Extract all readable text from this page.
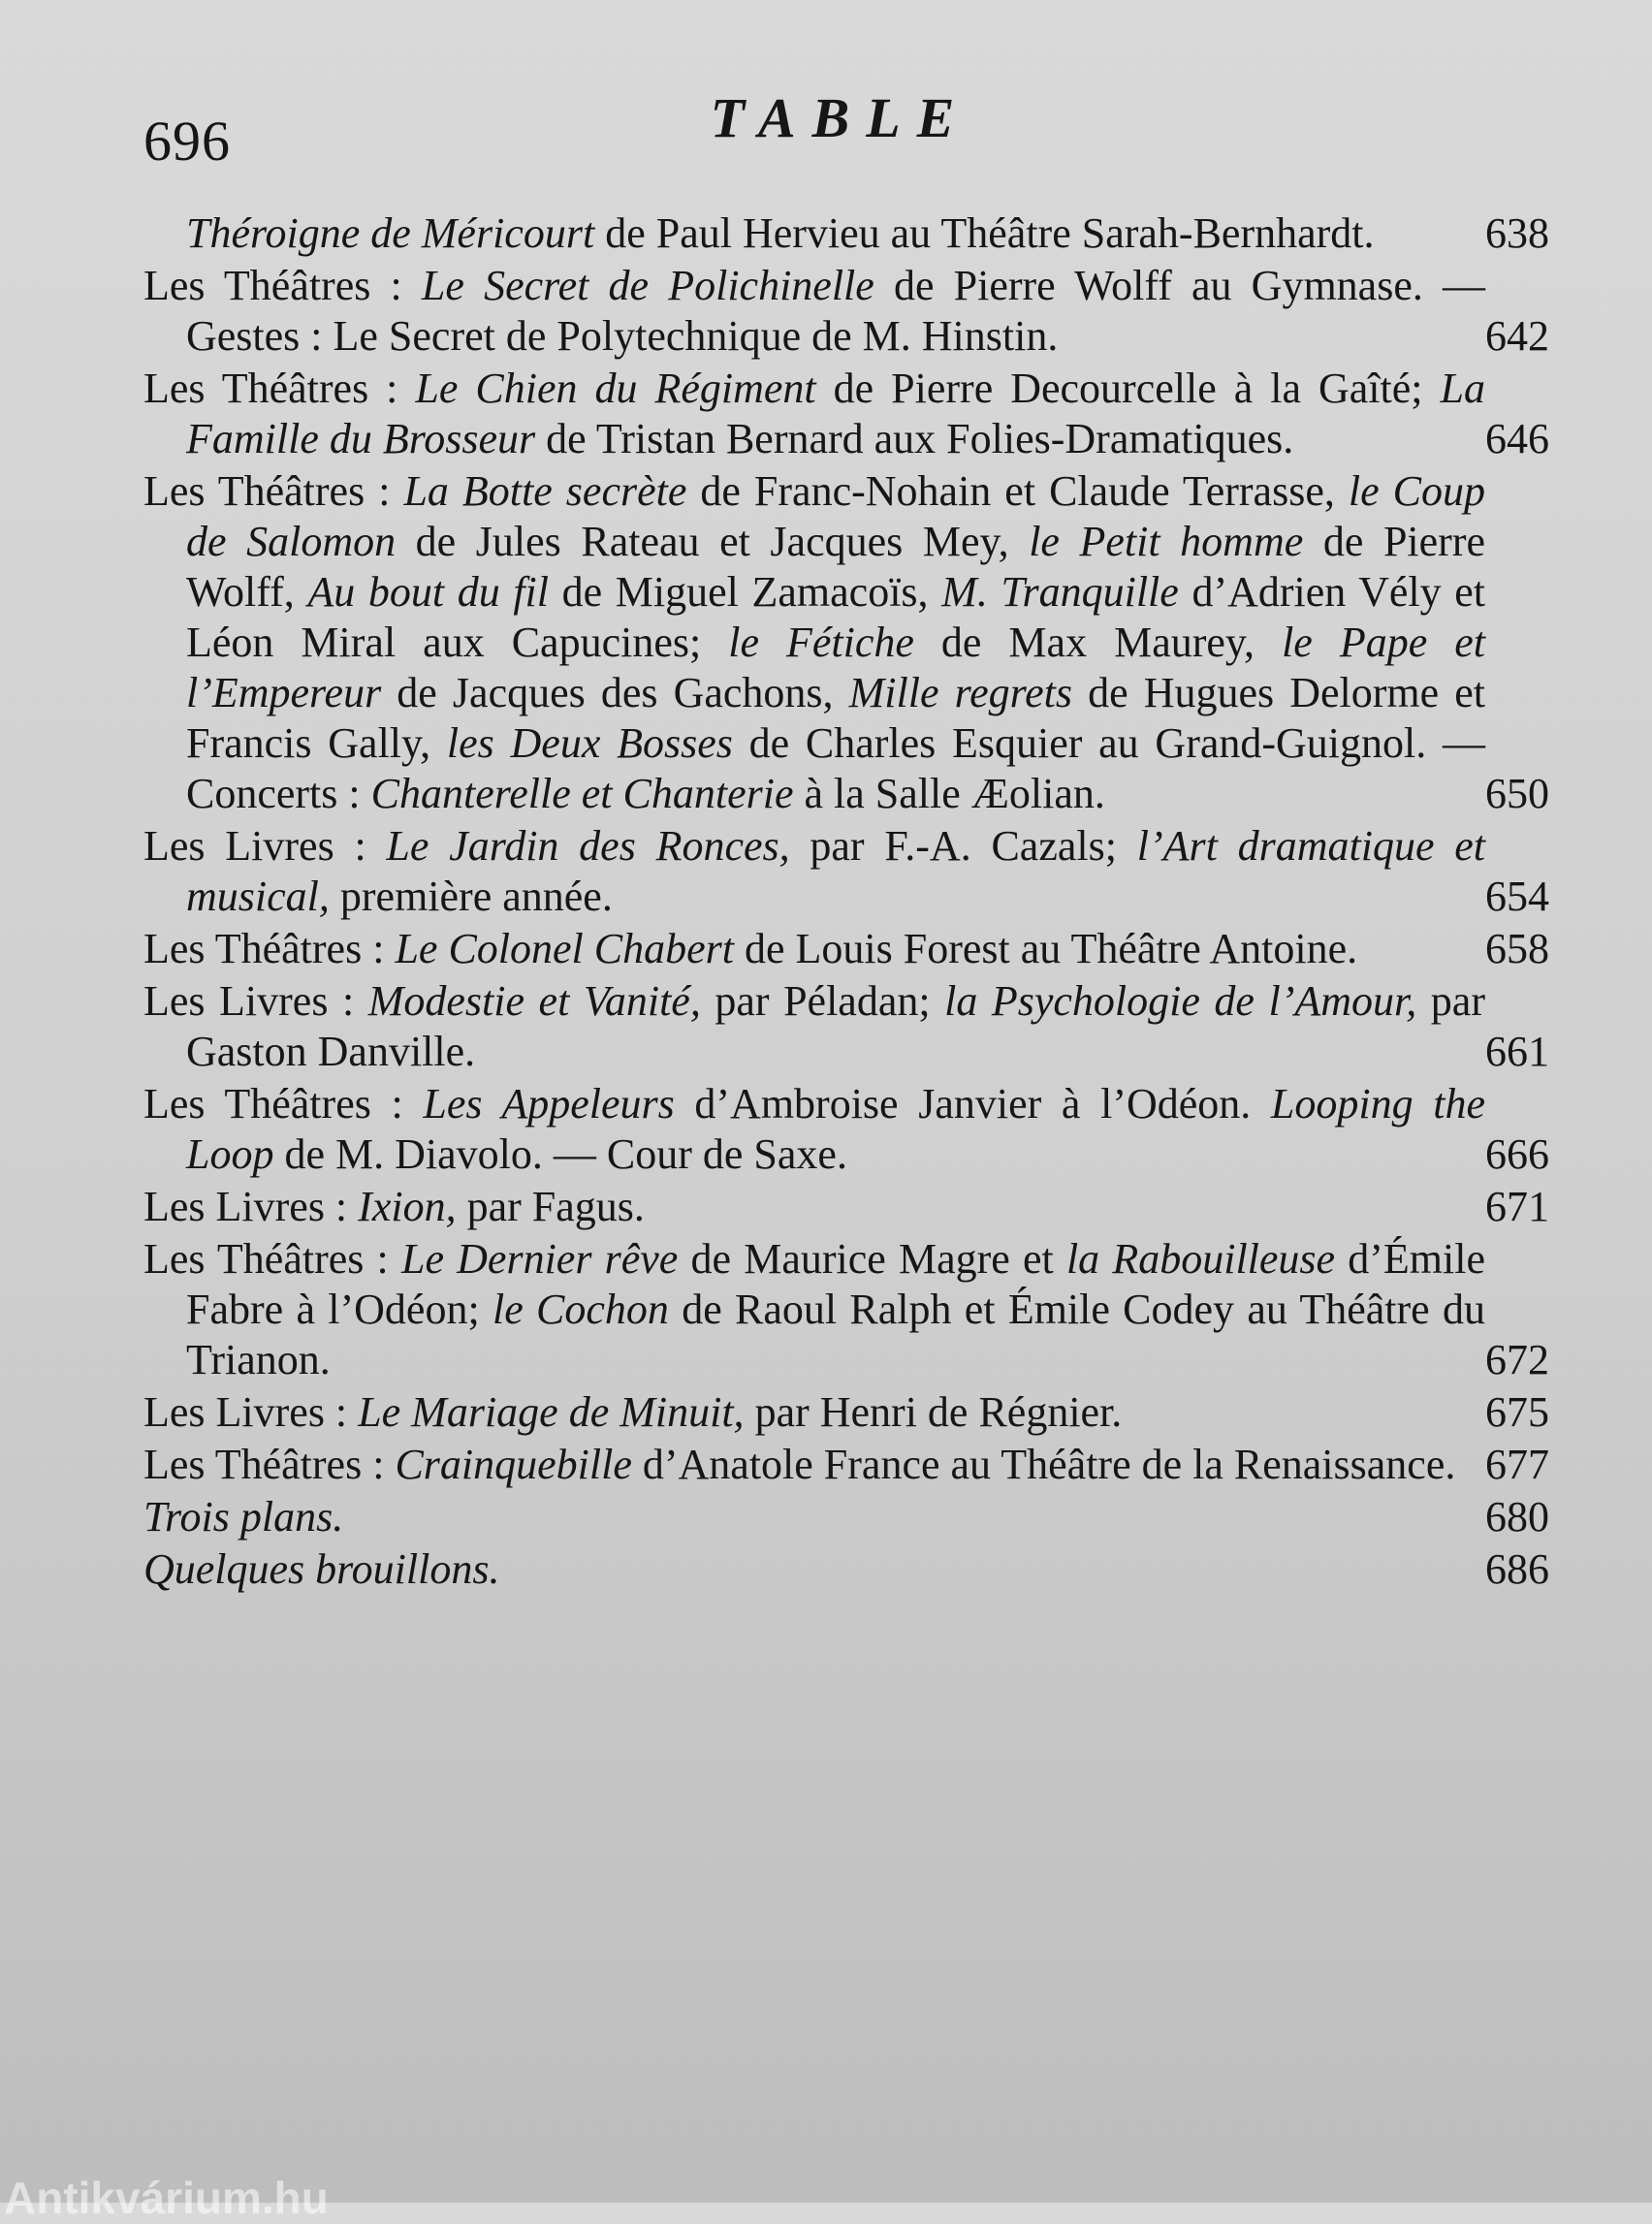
696	TABLE
Théroigne de Méricourt de Paul Hervieu au Théâtre Sarah-Bernhardt.	638
Les Théâtres : Le Secret de Polichinelle de Pierre Wolff au Gymnase. — Gestes : Le Secret de Polytechnique de M. Hinstin.	642
Les Théâtres : Le Chien du Régiment de Pierre Decourcelle à la Gaîté; La Famille du Brosseur de Tristan Bernard aux Folies-Dramatiques.	646
Les Théâtres : La Botte secrète de Franc-Nohain et Claude Terrasse, le Coup de Salomon de Jules Rateau et Jacques Mey, le Petit homme de Pierre Wolff, Au bout du fil de Miguel Zamacoïs, M. Tranquille d’Adrien Vély et Léon Miral aux Capucines; le Fétiche de Max Maurey, le Pape et l’Empereur de Jacques des Gachons, Mille regrets de Hugues Delorme et Francis Gally, les Deux Bosses de Charles Esquier au Grand-Guignol. — Concerts : Chanterelle et Chanterie à la Salle Æolian.	650
Les Livres : Le Jardin des Ronces, par F.-A. Cazals; l’Art dramatique et musical, première année.	654
Les Théâtres : Le Colonel Chabert de Louis Forest au Théâtre Antoine.	658
Les Livres : Modestie et Vanité, par Péladan; la Psychologie de l’Amour, par Gaston Danville.	661
Les Théâtres : Les Appeleurs d’Ambroise Janvier à l’Odéon. Looping the Loop de M. Diavolo. — Cour de Saxe.	666
Les Livres : Ixion, par Fagus.	671
Les Théâtres : Le Dernier rêve de Maurice Magre et la Rabouilleuse d’Émile Fabre à l’Odéon; le Cochon de Raoul Ralph et Émile Codey au Théâtre du Trianon.	672
Les Livres : Le Mariage de Minuit, par Henri de Régnier.	675
Les Théâtres : Crainquebille d’Anatole France au Théâtre de la Renaissance. 677
Trois plans.	680
Quelques brouillons.	686
Antikvárium.hu
